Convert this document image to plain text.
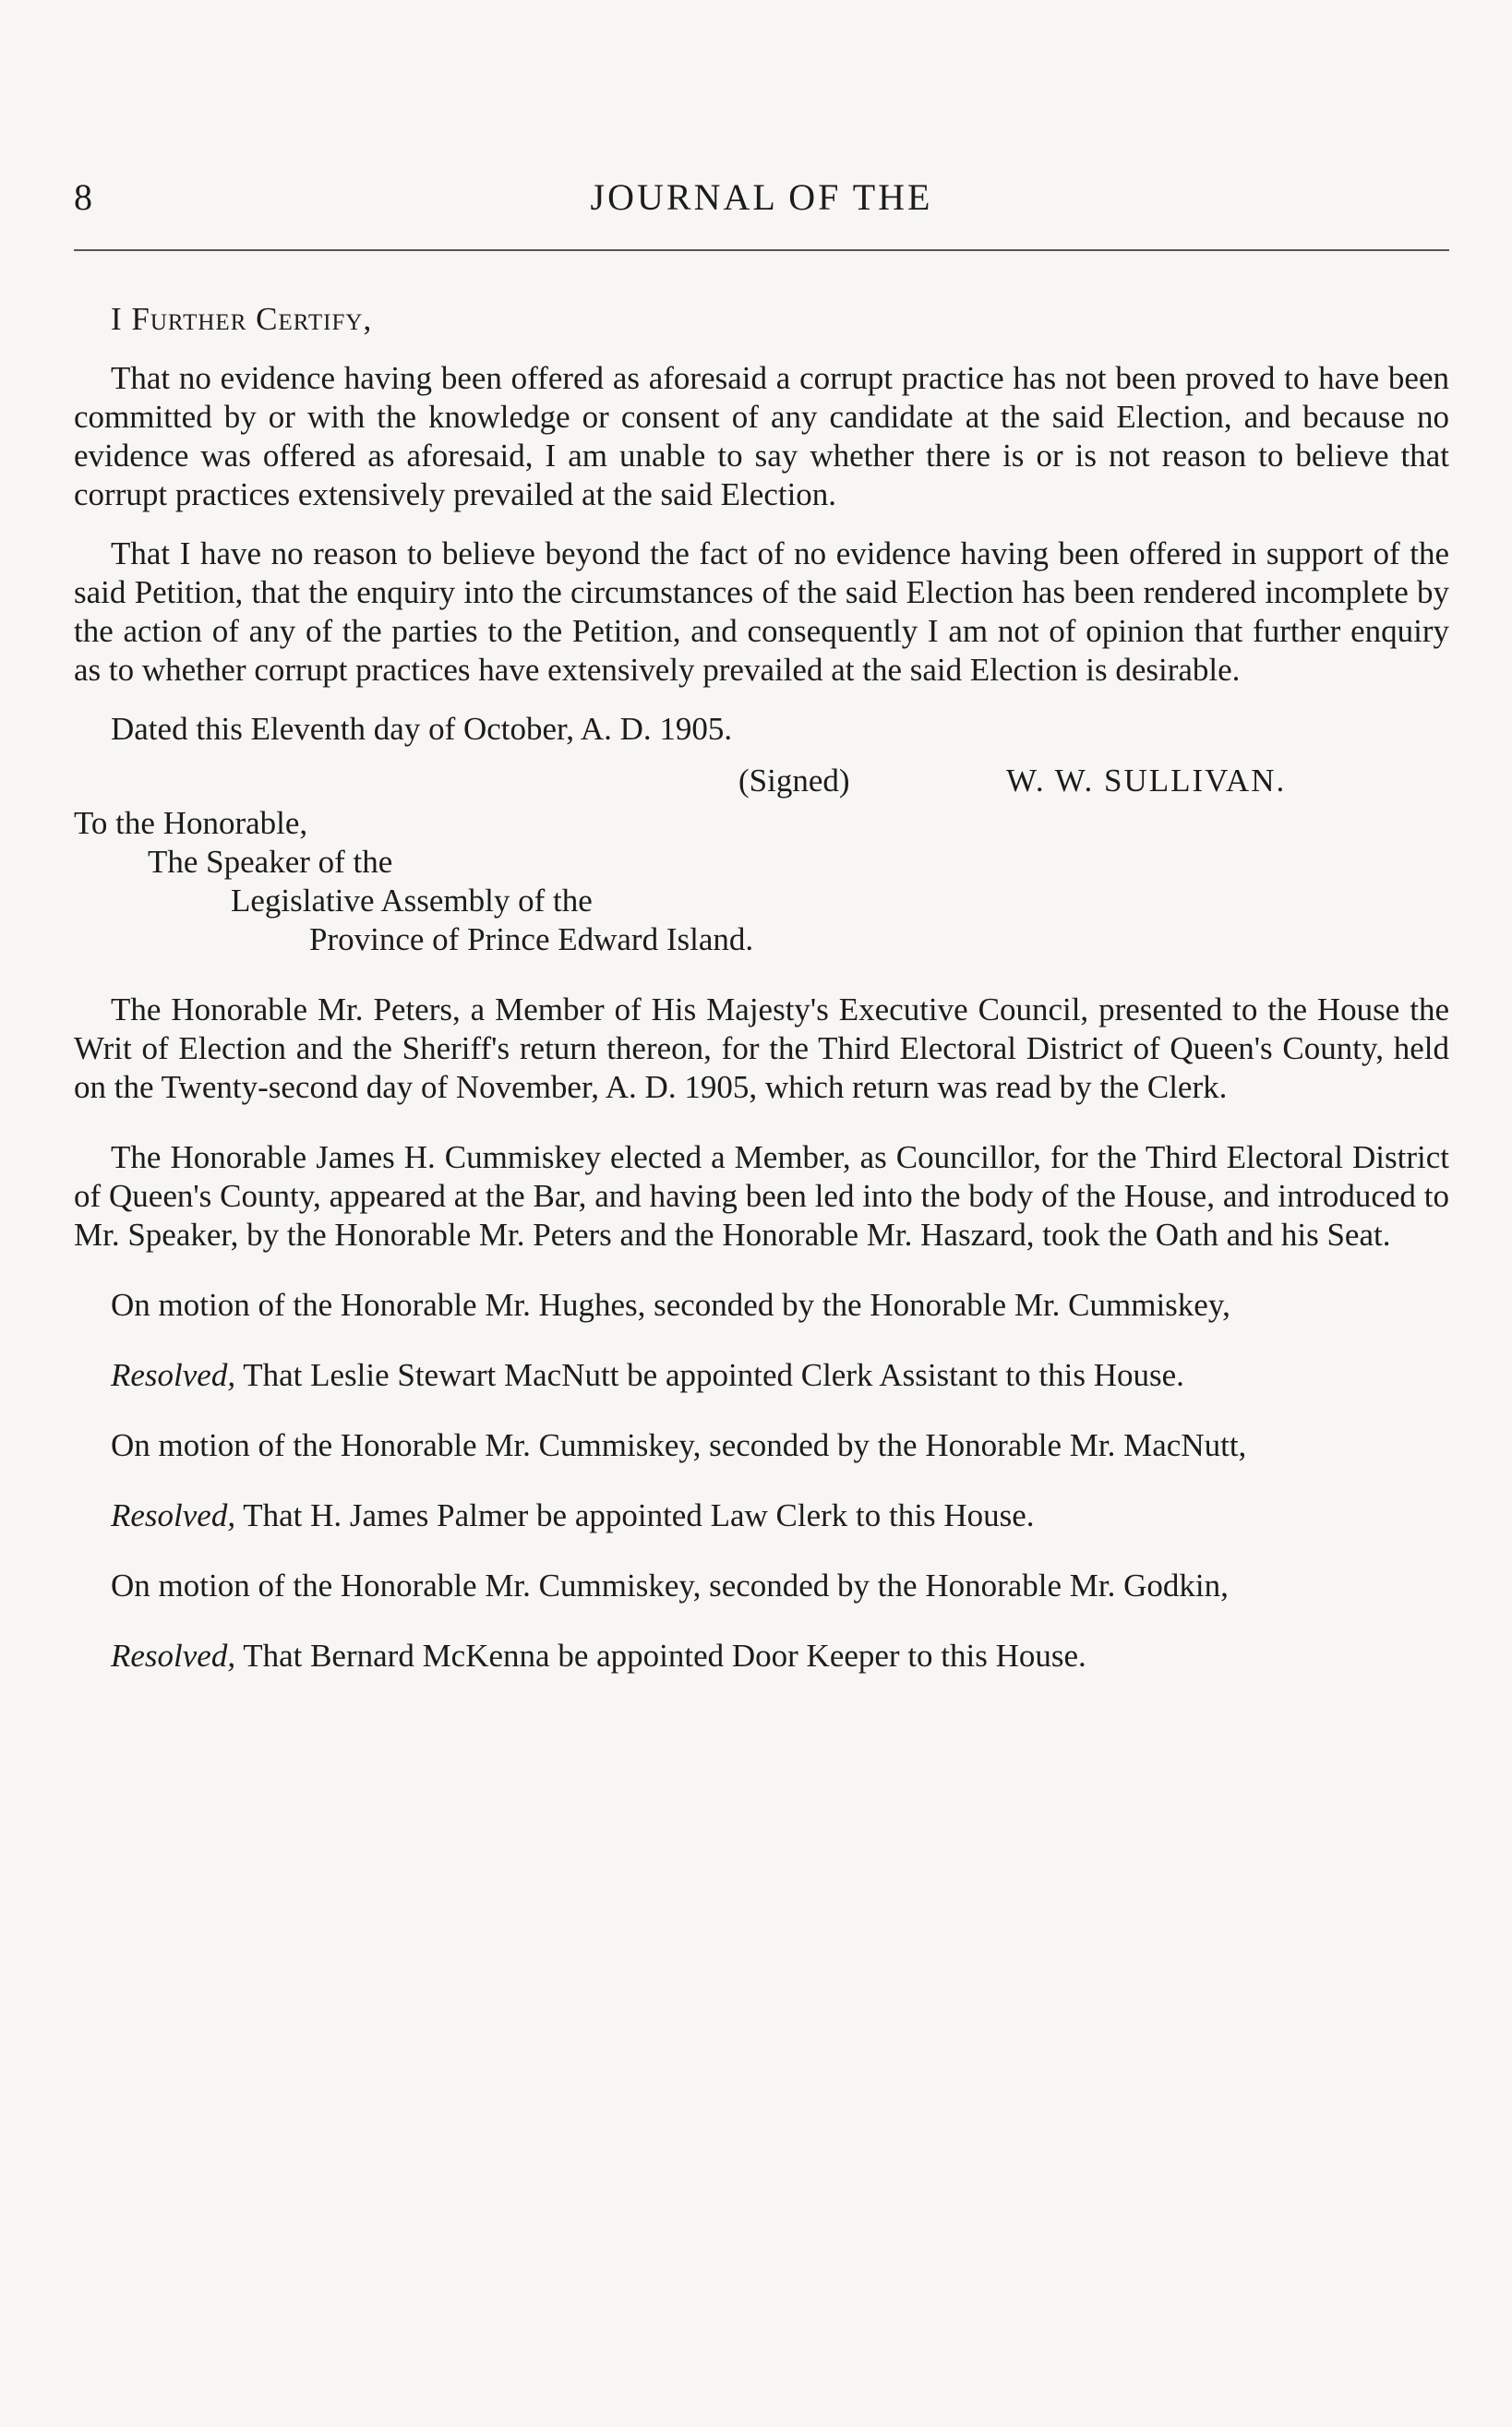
8	JOURNAL OF THE

I Further Certify,

That no evidence having been offered as aforesaid a corrupt practice has not been proved to have been committed by or with the knowledge or consent of any candidate at the said Election, and because no evidence was offered as aforesaid, I am unable to say whether there is or is not reason to believe that corrupt practices extensively prevailed at the said Election.

That I have no reason to believe beyond the fact of no evidence having been offered in support of the said Petition, that the enquiry into the circumstances of the said Election has been rendered incomplete by the action of any of the parties to the Petition, and consequently I am not of opinion that further enquiry as to whether corrupt practices have extensively prevailed at the said Election is desirable.

Dated this Eleventh day of October, A. D. 1905.

(Signed)	W. W. SULLIVAN.

To the Honorable,

The Speaker of the

Legislative Assembly of the

Province of Prince Edward Island.

The Honorable Mr. Peters, a Member of His Majesty's Executive Council, presented to the House the Writ of Election and the Sheriff's return thereon, for the Third Electoral District of Queen's County, held on the Twenty-second day of November, A. D. 1905, which return was read by the Clerk.

The Honorable James H. Cummiskey elected a Member, as Councillor, for the Third Electoral District of Queen's County, appeared at the Bar, and having been led into the body of the House, and introduced to Mr. Speaker, by the Honorable Mr. Peters and the Honorable Mr. Haszard, took the Oath and his Seat.

On motion of the Honorable Mr. Hughes, seconded by the Honorable Mr. Cummiskey,

Resolved, That Leslie Stewart MacNutt be appointed Clerk Assistant to this House.

On motion of the Honorable Mr. Cummiskey, seconded by the Honorable Mr. MacNutt,

Resolved, That H. James Palmer be appointed Law Clerk to this House.

On motion of the Honorable Mr. Cummiskey, seconded by the Honorable Mr. Godkin,

Resolved, That Bernard McKenna be appointed Door Keeper to this House.
